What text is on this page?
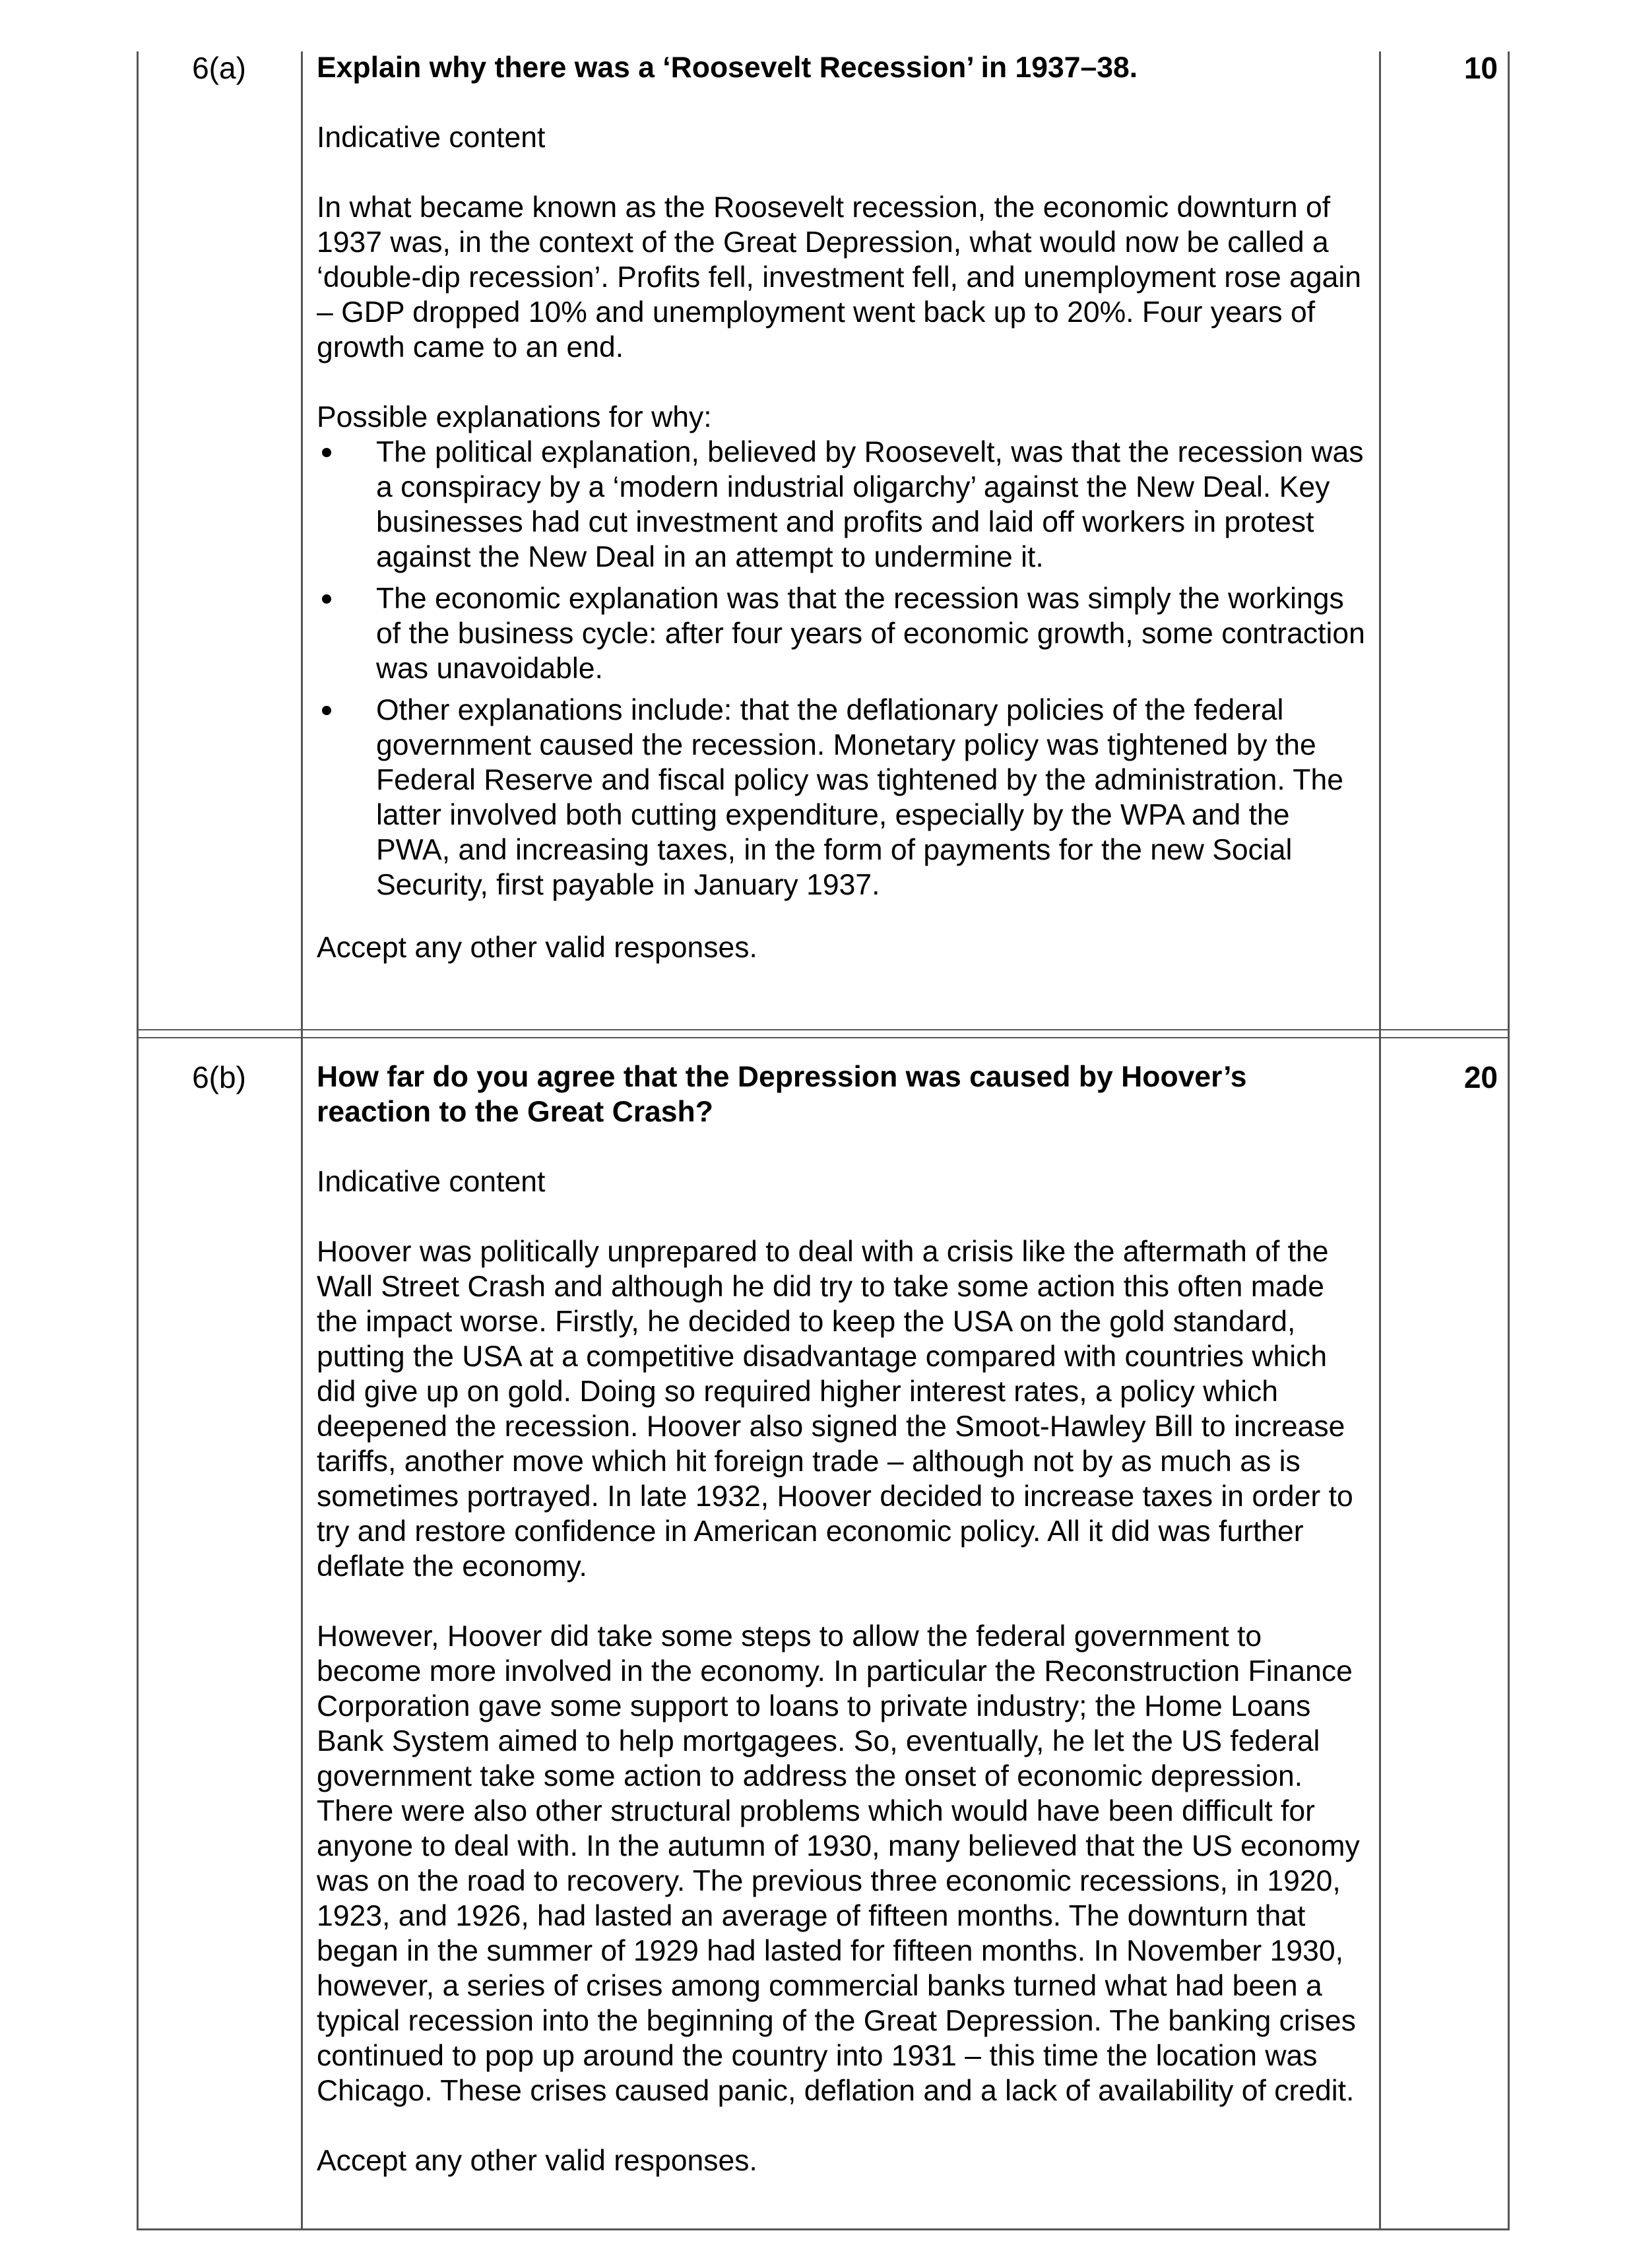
6(a)	10

Explain why there was a ‘Roosevelt Recession’ in 1937–38.

Indicative content

In what became known as the Roosevelt recession, the economic downturn of 1937 was, in the context of the Great Depression, what would now be called a ‘double-dip recession’. Profits fell, investment fell, and unemployment rose again – GDP dropped 10% and unemployment went back up to 20%. Four years of growth came to an end.

Possible explanations for why:

The political explanation, believed by Roosevelt, was that the recession was a conspiracy by a ‘modern industrial oligarchy’ against the New Deal. Key businesses had cut investment and profits and laid off workers in protest against the New Deal in an attempt to undermine it.
The economic explanation was that the recession was simply the workings of the business cycle: after four years of economic growth, some contraction was unavoidable.
Other explanations include: that the deflationary policies of the federal government caused the recession. Monetary policy was tightened by the Federal Reserve and fiscal policy was tightened by the administration. The latter involved both cutting expenditure, especially by the WPA and the PWA, and increasing taxes, in the form of payments for the new Social Security, first payable in January 1937.

Accept any other valid responses.

6(b)	20

How far do you agree that the Depression was caused by Hoover’s reaction to the Great Crash?

Indicative content

Hoover was politically unprepared to deal with a crisis like the aftermath of the Wall Street Crash and although he did try to take some action this often made the impact worse. Firstly, he decided to keep the USA on the gold standard, putting the USA at a competitive disadvantage compared with countries which did give up on gold. Doing so required higher interest rates, a policy which deepened the recession. Hoover also signed the Smoot-Hawley Bill to increase tariffs, another move which hit foreign trade – although not by as much as is sometimes portrayed. In late 1932, Hoover decided to increase taxes in order to try and restore confidence in American economic policy. All it did was further deflate the economy.

However, Hoover did take some steps to allow the federal government to become more involved in the economy. In particular the Reconstruction Finance Corporation gave some support to loans to private industry; the Home Loans Bank System aimed to help mortgagees. So, eventually, he let the US federal government take some action to address the onset of economic depression. There were also other structural problems which would have been difficult for anyone to deal with. In the autumn of 1930, many believed that the US economy was on the road to recovery. The previous three economic recessions, in 1920, 1923, and 1926, had lasted an average of fifteen months. The downturn that began in the summer of 1929 had lasted for fifteen months. In November 1930, however, a series of crises among commercial banks turned what had been a typical recession into the beginning of the Great Depression. The banking crises continued to pop up around the country into 1931 – this time the location was Chicago. These crises caused panic, deflation and a lack of availability of credit.

Accept any other valid responses.
